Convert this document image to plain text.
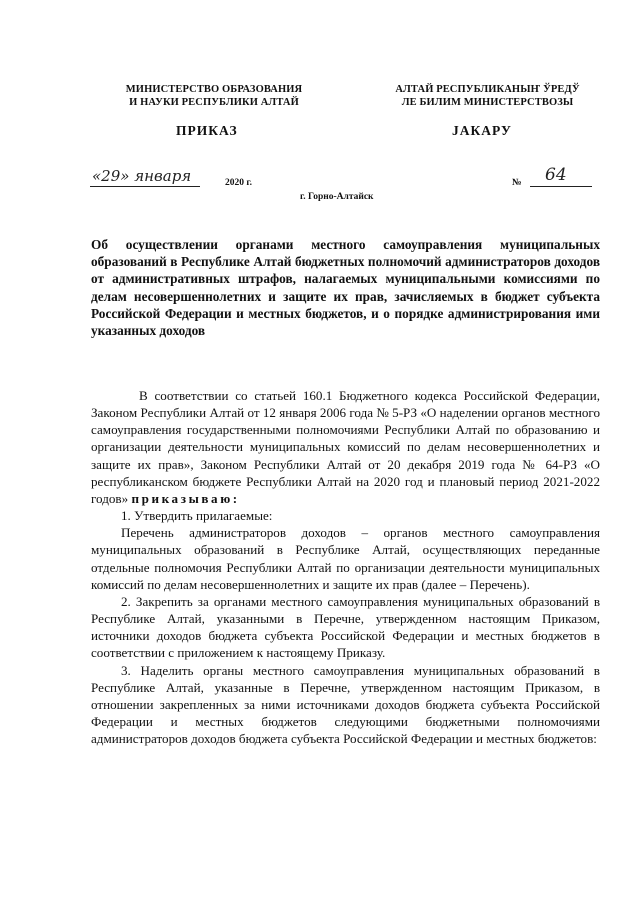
МИНИСТЕРСТВО ОБРАЗОВАНИЯ
И НАУКИ РЕСПУБЛИКИ АЛТАЙ
АЛТАЙ РЕСПУБЛИКАНЫҤ ЎРЕДЎ
ЛЕ БИЛИМ МИНИСТЕРСТВОЗЫ
ПРИКАЗ	JАКАРУ
«29» января	2020 г.	№ 64
г. Горно-Алтайск
Об осуществлении органами местного самоуправления муниципальных образований в Республике Алтай бюджетных полномочий администраторов доходов от административных штрафов, налагаемых муниципальными комиссиями по делам несовершеннолетних и защите их прав, зачисляемых в бюджет субъекта Российской Федерации и местных бюджетов, и о порядке администрирования ими указанных доходов

В соответствии со статьей 160.1 Бюджетного кодекса Российской Федерации, Законом Республики Алтай от 12 января 2006 года № 5-РЗ «О наделении органов местного самоуправления государственными полномочиями Республики Алтай по образованию и организации деятельности муниципальных комиссий по делам несовершеннолетних и защите их прав», Законом Республики Алтай от 20 декабря 2019 года № 64-РЗ «О республиканском бюджете Республики Алтай на 2020 год и плановый период 2021-2022 годов» приказываю:

1. Утвердить прилагаемые:

Перечень администраторов доходов – органов местного самоуправления муниципальных образований в Республике Алтай, осуществляющих переданные отдельные полномочия Республики Алтай по организации деятельности муниципальных комиссий по делам несовершеннолетних и защите их прав (далее – Перечень).

2. Закрепить за органами местного самоуправления муниципальных образований в Республике Алтай, указанными в Перечне, утвержденном настоящим Приказом, источники доходов бюджета субъекта Российской Федерации и местных бюджетов в соответствии с приложением к настоящему Приказу.

3. Наделить органы местного самоуправления муниципальных образований в Республике Алтай, указанные в Перечне, утвержденном настоящим Приказом, в отношении закрепленных за ними источниками доходов бюджета субъекта Российской Федерации и местных бюджетов следующими бюджетными полномочиями администраторов доходов бюджета субъекта Российской Федерации и местных бюджетов:
